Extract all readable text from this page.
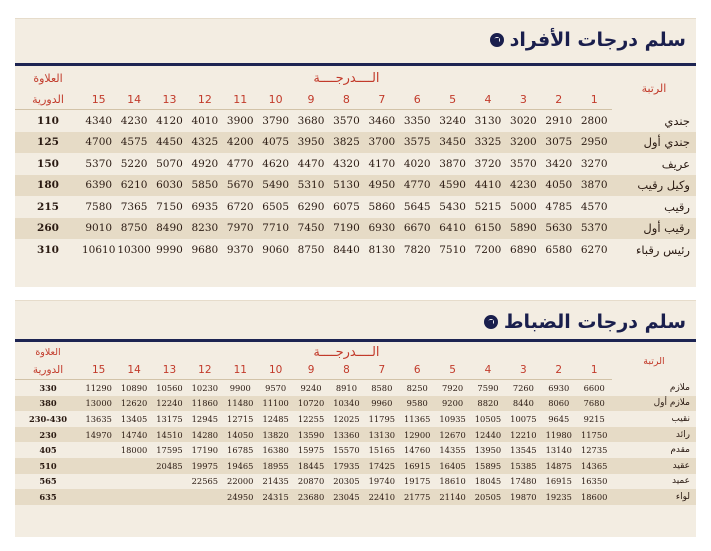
سلم درجات الأفراد
العلاوة	الــــدرجــــة															الرتبة
الدورية	15	14	13	12	11	10	9	8	7	6	5	4	3	2	1	
110	4340	4230	4120	4010	3900	3790	3680	3570	3460	3350	3240	3130	3020	2910	2800	جندي
125	4700	4575	4450	4325	4200	4075	3950	3825	3700	3575	3450	3325	3200	3075	2950	جندي أول
150	5370	5220	5070	4920	4770	4620	4470	4320	4170	4020	3870	3720	3570	3420	3270	عريف
180	6390	6210	6030	5850	5670	5490	5310	5130	4950	4770	4590	4410	4230	4050	3870	وكيل رقيب
215	7580	7365	7150	6935	6720	6505	6290	6075	5860	5645	5430	5215	5000	4785	4570	رقيب
260	9010	8750	8490	8230	7970	7710	7450	7190	6930	6670	6410	6150	5890	5630	5370	رقيب أول
310	10610	10300	9990	9680	9370	9060	8750	8440	8130	7820	7510	7200	6890	6580	6270	رئيس رقباء
سلم درجات الضباط
العلاوة	الــــدرجــــة															الرتبة
الدورية	15	14	13	12	11	10	9	8	7	6	5	4	3	2	1	
330	11290	10890	10560	10230	9900	9570	9240	8910	8580	8250	7920	7590	7260	6930	6600	ملازم
380	13000	12620	12240	11860	11480	11100	10720	10340	9960	9580	9200	8820	8440	8060	7680	ملازم أول
230-430	13635	13405	13175	12945	12715	12485	12255	12025	11795	11365	10935	10505	10075	9645	9215	نقيب
230	14970	14740	14510	14280	14050	13820	13590	13360	13130	12900	12670	12440	12210	11980	11750	رائد
405		18000	17595	17190	16785	16380	15975	15570	15165	14760	14355	13950	13545	13140	12735	مقدم
510			20485	19975	19465	18955	18445	17935	17425	16915	16405	15895	15385	14875	14365	عقيد
565				22565	22000	21435	20870	20305	19740	19175	18610	18045	17480	16915	16350	عميد
635					24950	24315	23680	23045	22410	21775	21140	20505	19870	19235	18600	لواء
